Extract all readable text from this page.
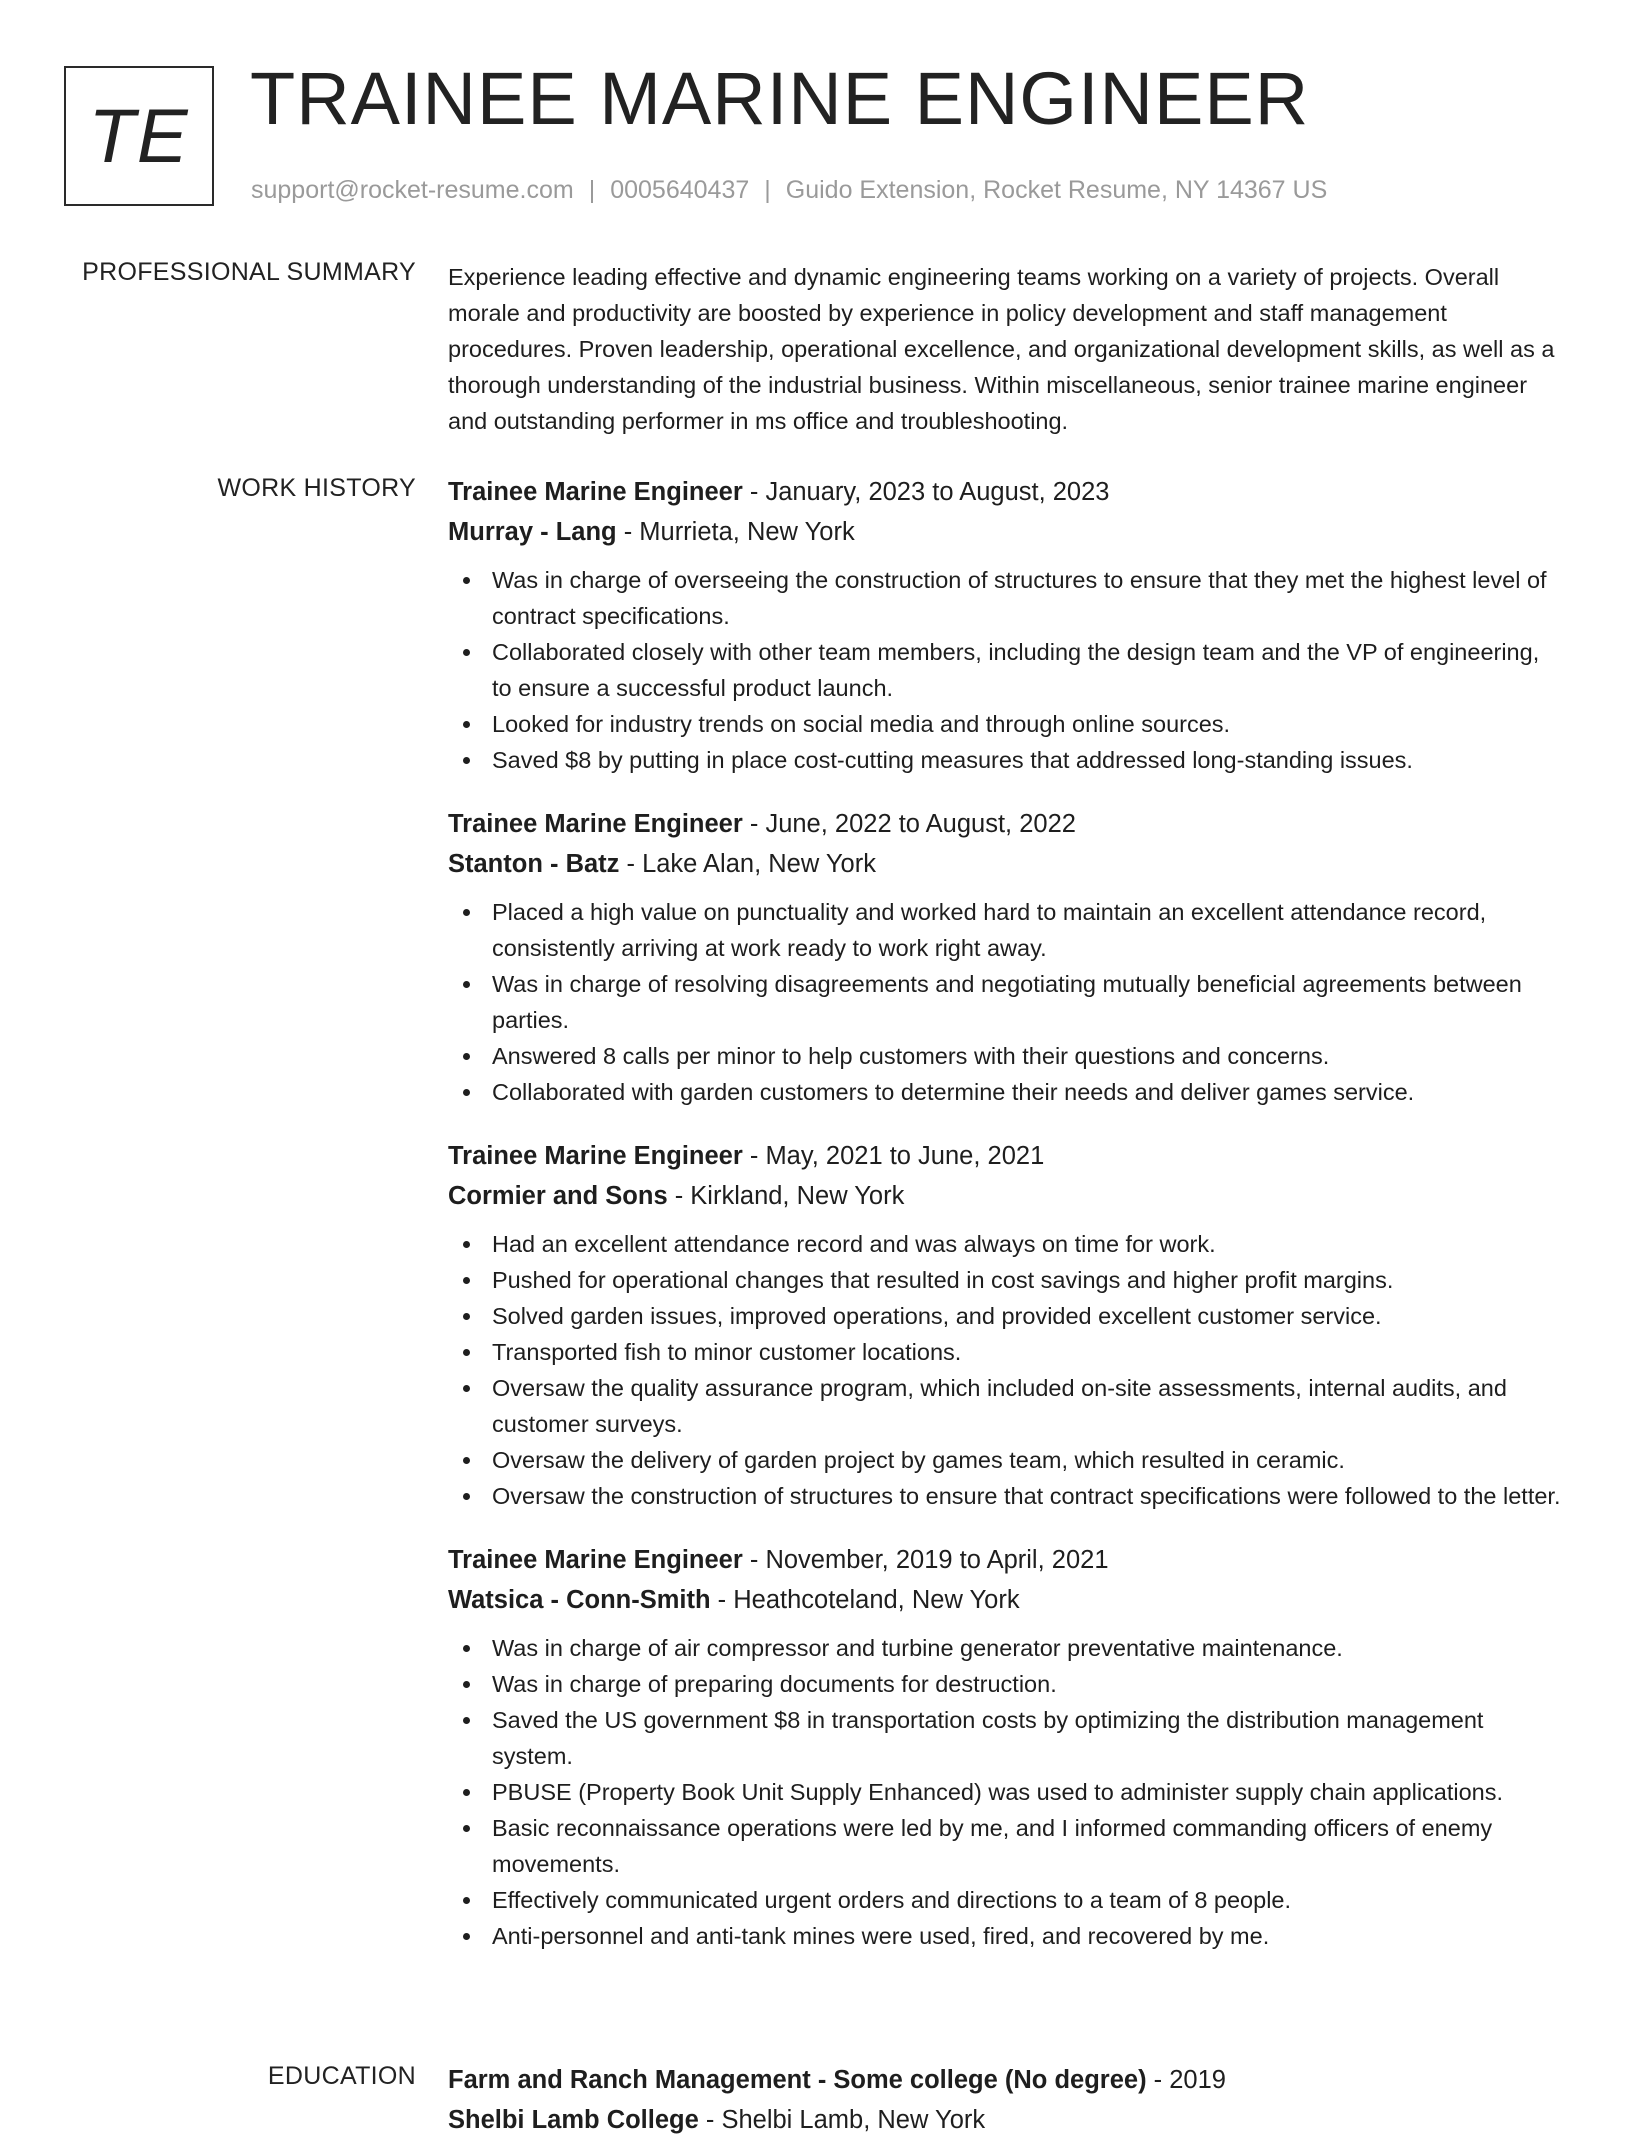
TE TRAINEE MARINE ENGINEER
support@rocket-resume.com | 0005640437 | Guido Extension, Rocket Resume, NY 14367 US
PROFESSIONAL SUMMARY Experience leading effective and dynamic engineering teams working on a variety of projects. Overall morale and productivity are boosted by experience in policy development and staff management procedures. Proven leadership, operational excellence, and organizational development skills, as well as a thorough understanding of the industrial business. Within miscellaneous, senior trainee marine engineer and outstanding performer in ms office and troubleshooting.

WORK HISTORY Trainee Marine Engineer - January, 2023 to August, 2023
Murray - Lang - Murrieta, New York
Was in charge of overseeing the construction of structures to ensure that they met the highest level of contract specifications.
Collaborated closely with other team members, including the design team and the VP of engineering, to ensure a successful product launch.
Looked for industry trends on social media and through online sources.
Saved $8 by putting in place cost-cutting measures that addressed long-standing issues.
Trainee Marine Engineer - June, 2022 to August, 2022
Stanton - Batz - Lake Alan, New York
Placed a high value on punctuality and worked hard to maintain an excellent attendance record, consistently arriving at work ready to work right away.
Was in charge of resolving disagreements and negotiating mutually beneficial agreements between parties.
Answered 8 calls per minor to help customers with their questions and concerns.
Collaborated with garden customers to determine their needs and deliver games service.
Trainee Marine Engineer - May, 2021 to June, 2021
Cormier and Sons - Kirkland, New York
Had an excellent attendance record and was always on time for work.
Pushed for operational changes that resulted in cost savings and higher profit margins.
Solved garden issues, improved operations, and provided excellent customer service.
Transported fish to minor customer locations.
Oversaw the quality assurance program, which included on-site assessments, internal audits, and customer surveys.
Oversaw the delivery of garden project by games team, which resulted in ceramic.
Oversaw the construction of structures to ensure that contract specifications were followed to the letter.
Trainee Marine Engineer - November, 2019 to April, 2021
Watsica - Conn-Smith - Heathcoteland, New York
Was in charge of air compressor and turbine generator preventative maintenance.
Was in charge of preparing documents for destruction.
Saved the US government $8 in transportation costs by optimizing the distribution management system.
PBUSE (Property Book Unit Supply Enhanced) was used to administer supply chain applications.
Basic reconnaissance operations were led by me, and I informed commanding officers of enemy movements.
Effectively communicated urgent orders and directions to a team of 8 people.
Anti-personnel and anti-tank mines were used, fired, and recovered by me.
EDUCATION Farm and Ranch Management - Some college (No degree) - 2019
Shelbi Lamb College - Shelbi Lamb, New York
